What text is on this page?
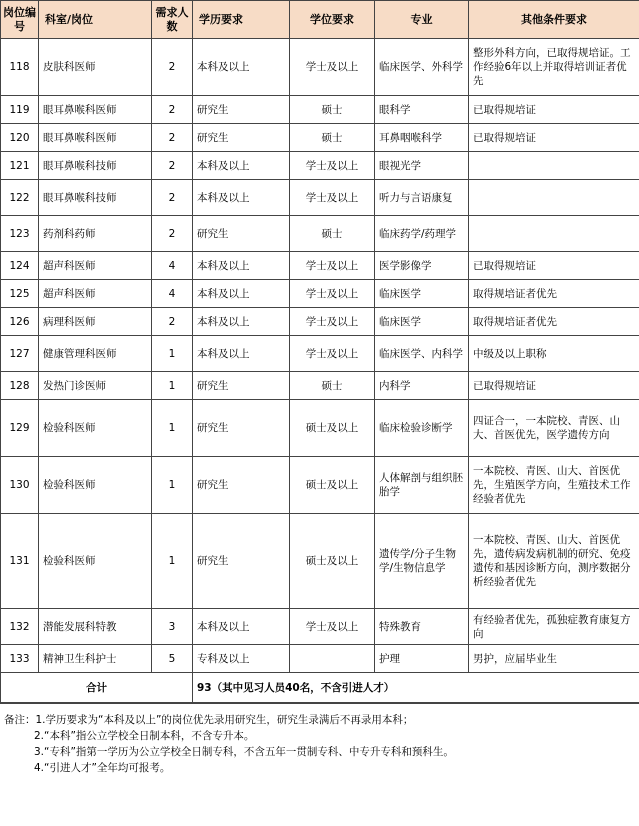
岗位编号	科室/岗位	需求人数	学历要求	学位要求	专业	其他条件要求
118	皮肤科医师	2	本科及以上	学士及以上	临床医学、外科学	整形外科方向，已取得规培证。工作经验6年以上并取得培训证者优先
119	眼耳鼻喉科医师	2	研究生	硕士	眼科学	已取得规培证
120	眼耳鼻喉科医师	2	研究生	硕士	耳鼻咽喉科学	已取得规培证
121	眼耳鼻喉科技师	2	本科及以上	学士及以上	眼视光学	
122	眼耳鼻喉科技师	2	本科及以上	学士及以上	听力与言语康复	
123	药剂科药师	2	研究生	硕士	临床药学/药理学	
124	超声科医师	4	本科及以上	学士及以上	医学影像学	已取得规培证
125	超声科医师	4	本科及以上	学士及以上	临床医学	取得规培证者优先
126	病理科医师	2	本科及以上	学士及以上	临床医学	取得规培证者优先
127	健康管理科医师	1	本科及以上	学士及以上	临床医学、内科学	中级及以上职称
128	发热门诊医师	1	研究生	硕士	内科学	已取得规培证
129	检验科医师	1	研究生	硕士及以上	临床检验诊断学	四证合一，一本院校、青医、山大、首医优先，医学遗传方向
130	检验科医师	1	研究生	硕士及以上	人体解剖与组织胚胎学	一本院校、青医、山大、首医优先，生殖医学方向，生殖技术工作经验者优先
131	检验科医师	1	研究生	硕士及以上	遗传学/分子生物学/生物信息学	一本院校、青医、山大、首医优先，遗传病发病机制的研究、免疫遗传和基因诊断方向，测序数据分析经验者优先
132	潜能发展科特教	3	本科及以上	学士及以上	特殊教育	有经验者优先，孤独症教育康复方向
133	精神卫生科护士	5	专科及以上		护理	男护，应届毕业生
合计			93（其中见习人员40名，不含引进人才）			
备注：1.学历要求为“本科及以上”的岗位优先录用研究生，研究生录满后不再录用本科；
2.“本科”指公立学校全日制本科，不含专升本。
3.“专科”指第一学历为公立学校全日制专科，不含五年一贯制专科、中专升专科和预科生。
4.“引进人才”全年均可报考。
